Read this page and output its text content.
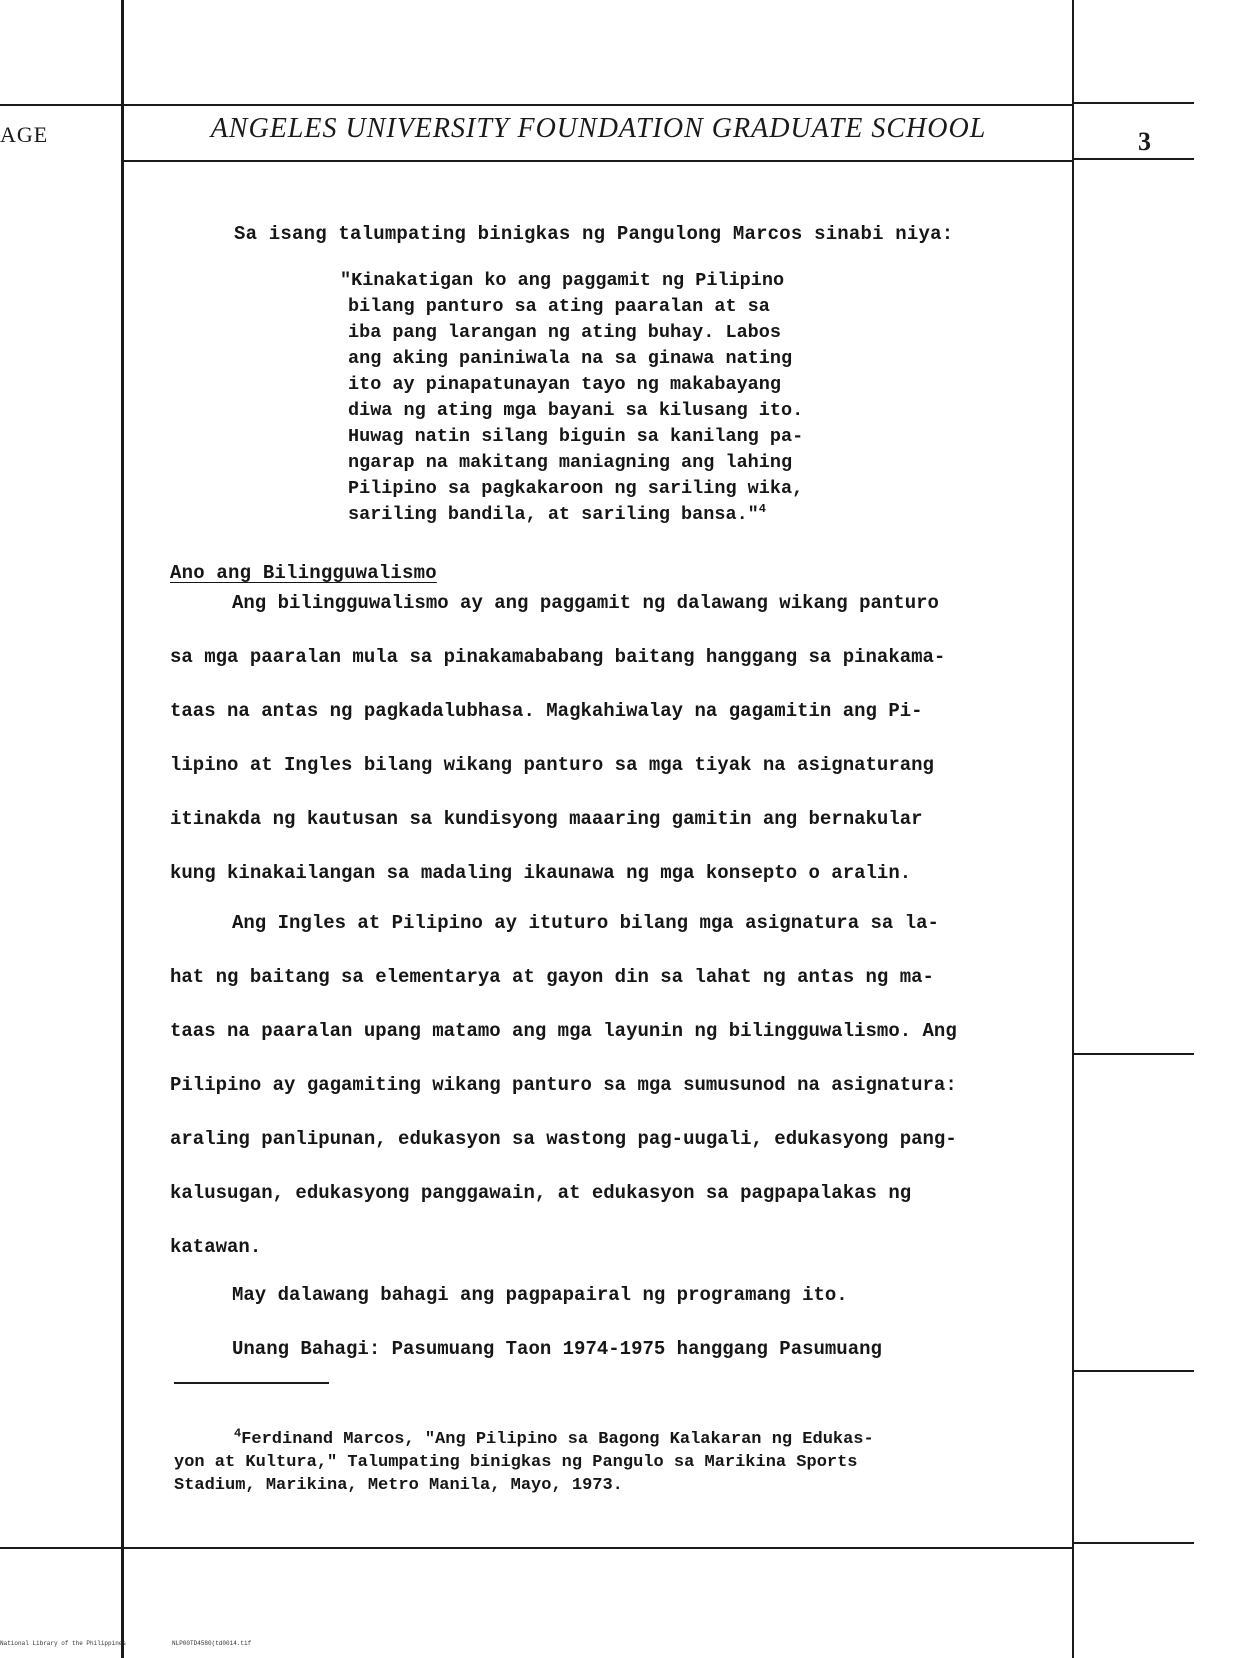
AGE	ANGELES UNIVERSITY FOUNDATION GRADUATE SCHOOL	3
Sa isang talumpating binigkas ng Pangulong Marcos sinabi niya:
"Kinakatigan ko ang paggamit ng Pilipino
bilang panturo sa ating paaralan at sa
iba pang larangan ng ating buhay. Labos
ang aking paniniwala na sa ginawa nating
ito ay pinapatunayan tayo ng makabayang
diwa ng ating mga bayani sa kilusang ito.
Huwag natin silang biguin sa kanilang pa-
ngarap na makitang maniagning ang lahing
Pilipino sa pagkakaroon ng sariling wika,
sariling bandila, at sariling bansa."$^4$
Ano ang Bilingguwalismo
Ang bilingguwalismo ay ang paggamit ng dalawang wikang panturo
sa mga paaralan mula sa pinakamababang baitang hanggang sa pinakama-
taas na antas ng pagkadalubhasa. Magkahiwalay na gagamitin ang Pi-
lipino at Ingles bilang wikang panturo sa mga tiyak na asignaturang
itinakda ng kautusan sa kundisyong maaaring gamitin ang bernakular
kung kinakailangan sa madaling ikaunawa ng mga konsepto o aralin.
Ang Ingles at Pilipino ay ituturo bilang mga asignatura sa la-
hat ng baitang sa elementarya at gayon din sa lahat ng antas ng ma-
taas na paaralan upang matamo ang mga layunin ng bilingguwalismo. Ang
Pilipino ay gagamiting wikang panturo sa mga sumusunod na asignatura:
araling panlipunan, edukasyon sa wastong pag-uugali, edukasyong pang-
kalusugan, edukasyong panggawain, at edukasyon sa pagpapalakas ng
katawan.
May dalawang bahagi ang pagpapairal ng programang ito.
Unang Bahagi: Pasumuang Taon 1974-1975 hanggang Pasumuang
$^4$Ferdinand Marcos, "Ang Pilipino sa Bagong Kalakaran ng Edukas-
yon at Kultura," Talumpating binigkas ng Pangulo sa Marikina Sports
Stadium, Marikina, Metro Manila, Mayo, 1973.
National Library of the Philippines	NLP00TD4580(td0014.tif
